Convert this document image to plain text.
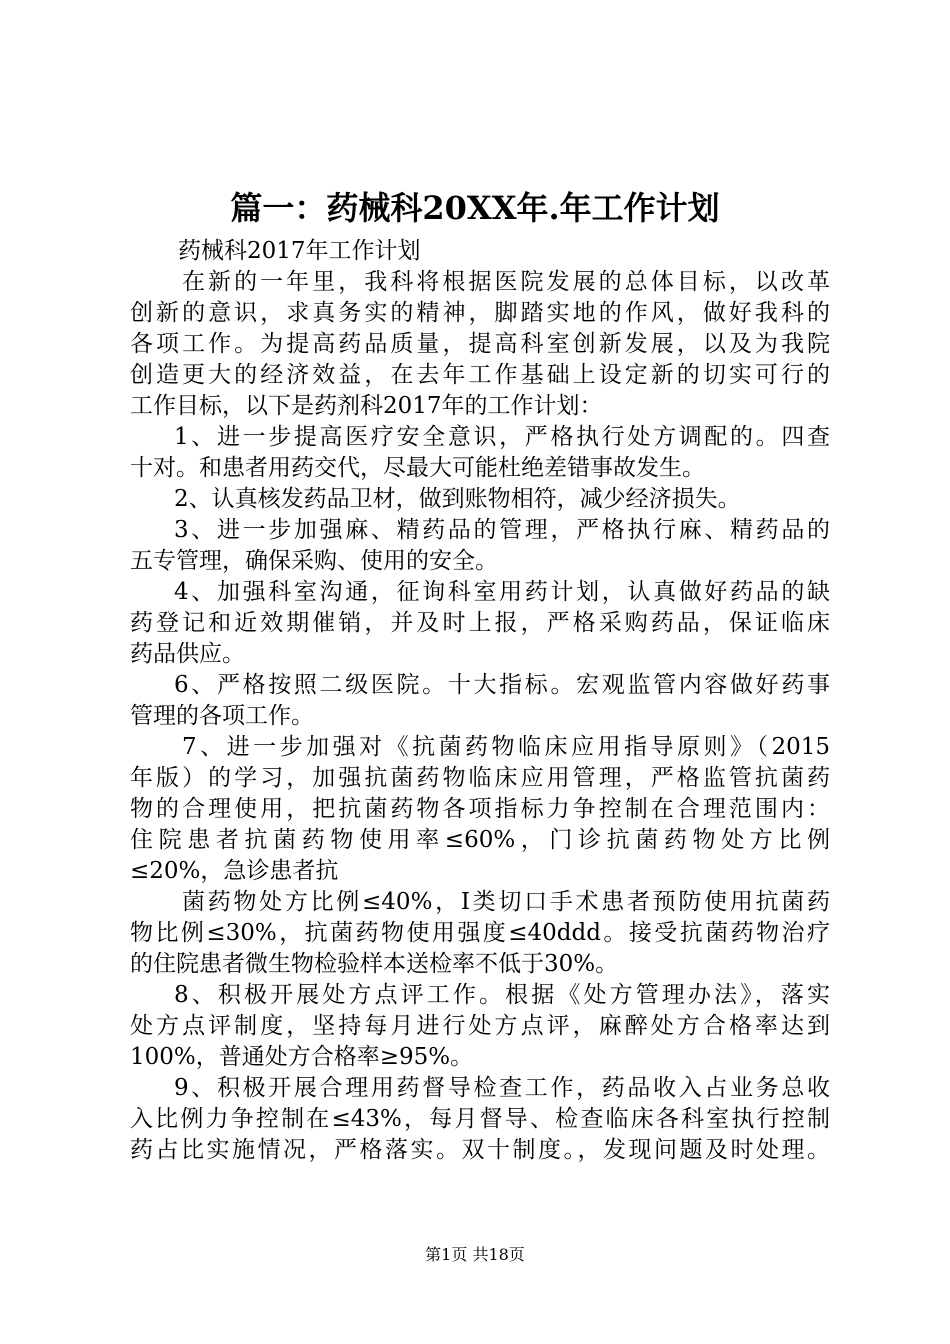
篇一：药械科20XX年.年工作计划
药械科2017年工作计划
在新的一年里，我科将根据医院发展的总体目标，以改革
创新的意识，求真务实的精神，脚踏实地的作风，做好我科的
各项工作。为提高药品质量，提高科室创新发展，以及为我院
创造更大的经济效益，在去年工作基础上设定新的切实可行的
工作目标，以下是药剂科2017年的工作计划：
1、进一步提高医疗安全意识，严格执行处方调配的。四查
十对。和患者用药交代，尽最大可能杜绝差错事故发生。
2、认真核发药品卫材，做到账物相符，减少经济损失。
3、进一步加强麻、精药品的管理，严格执行麻、精药品的
五专管理，确保采购、使用的安全。
4、加强科室沟通，征询科室用药计划，认真做好药品的缺
药登记和近效期催销，并及时上报，严格采购药品，保证临床
药品供应。
6、严格按照二级医院。十大指标。宏观监管内容做好药事
管理的各项工作。
7、进一步加强对《抗菌药物临床应用指导原则》（2015
年版）的学习，加强抗菌药物临床应用管理，严格监管抗菌药
物的合理使用，把抗菌药物各项指标力争控制在合理范围内：
住院患者抗菌药物使用率≤60%，门诊抗菌药物处方比例
≤20%，急诊患者抗
菌药物处方比例≤40%，Ⅰ类切口手术患者预防使用抗菌药
物比例≤30%，抗菌药物使用强度≤40ddd。接受抗菌药物治疗
的住院患者微生物检验样本送检率不低于30%。
8、积极开展处方点评工作。根据《处方管理办法》，落实
处方点评制度，坚持每月进行处方点评，麻醉处方合格率达到
100%，普通处方合格率≥95%。
9、积极开展合理用药督导检查工作，药品收入占业务总收
入比例力争控制在≤43%，每月督导、检查临床各科室执行控制
药占比实施情况，严格落实。双十制度。，发现问题及时处理。
第1页 共18页
